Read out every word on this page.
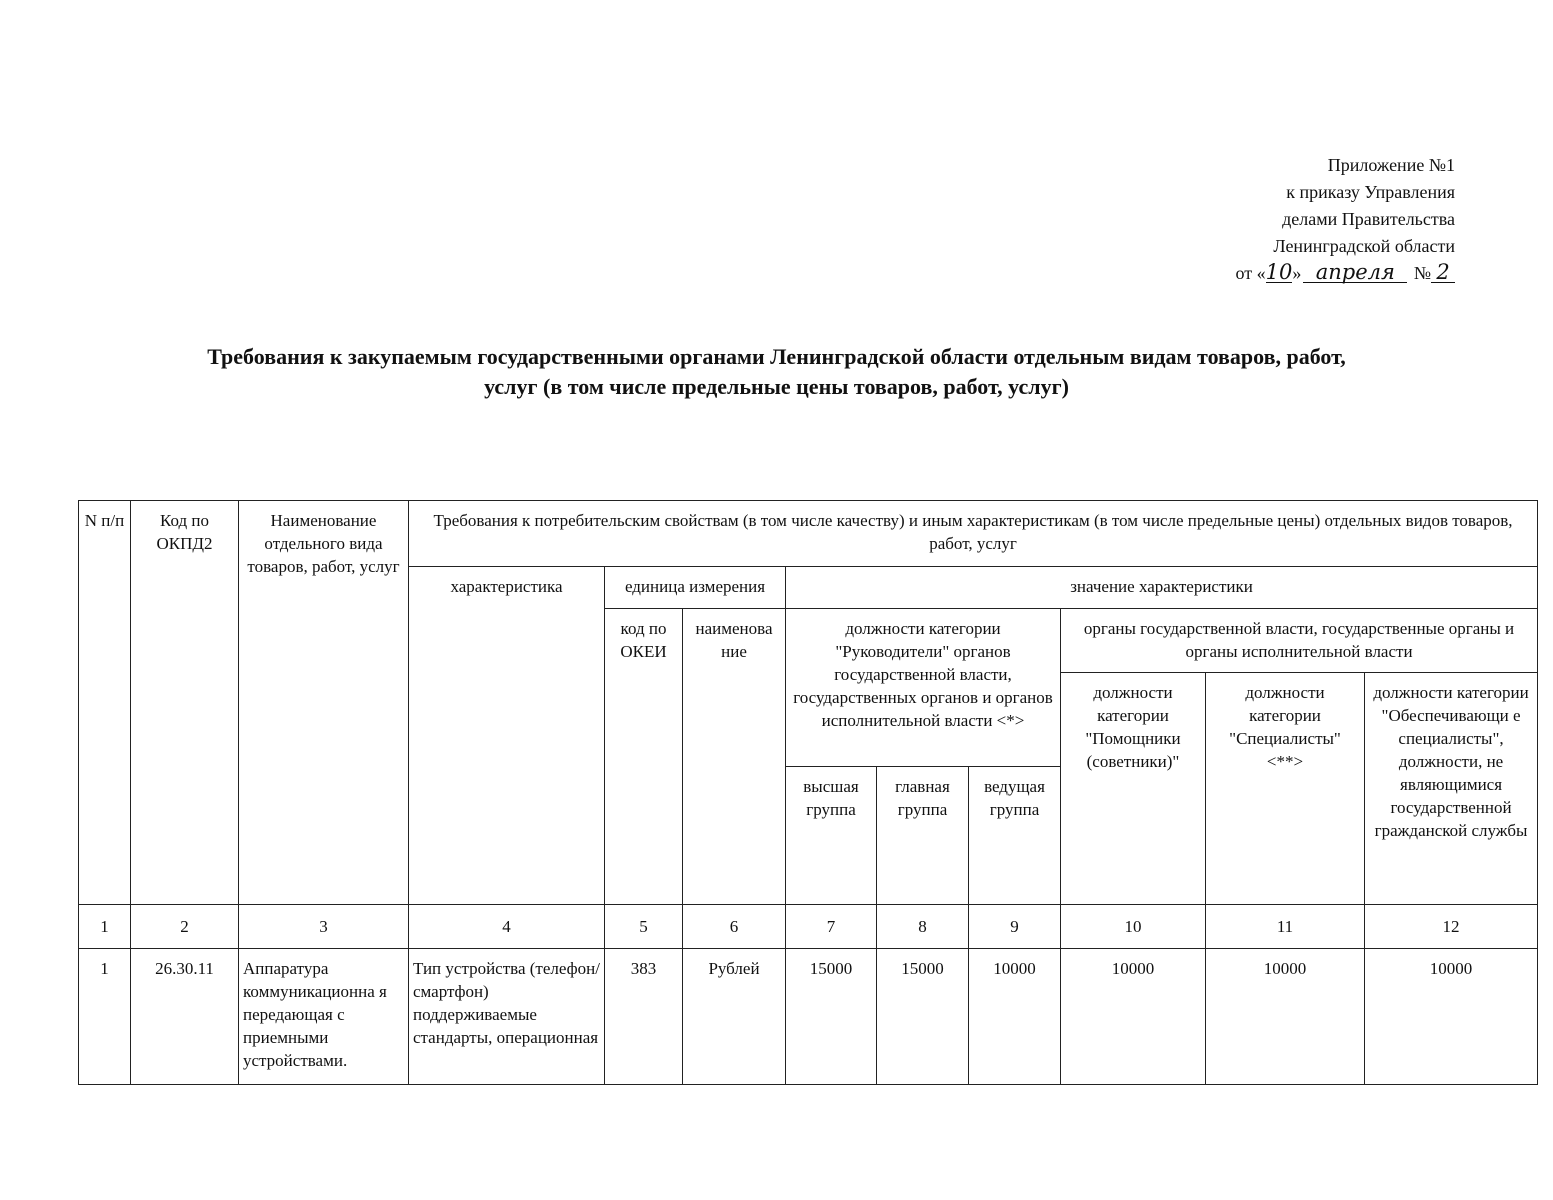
Приложение №1
к приказу Управления
делами Правительства
Ленинградской области
от «10» апреля № 2
Требования к закупаемым государственными органами Ленинградской области отдельным видам товаров, работ,
услуг (в том числе предельные цены товаров, работ, услуг)
N п/п	Код по ОКПД2	Наименование отдельного вида товаров, работ, услуг	Требования к потребительским свойствам (в том числе качеству) и иным характеристикам (в том числе предельные цены) отдельных видов товаров, работ, услуг								
			характеристика	единица измерения		значение характеристики					
				код по ОКЕИ	наименова ние	должности категории "Руководители" органов государственной власти, государственных органов и органов исполнительной власти <*>			органы государственной власти, государственные органы и органы исполнительной власти		
									должности категории "Помощники (советники)"	должности категории "Специалисты" <**>	должности категории "Обеспечивающи е специалисты", должности, не являющимися государственной гражданской службы
						высшая группа	главная группа	ведущая группа			
1	2	3	4	5	6	7	8	9	10	11	12
1	26.30.11	Аппаратура коммуникационна я передающая с приемными устройствами.	Тип устройства (телефон/смартфон) поддерживаемые стандарты, операционная	383	Рублей	15000	15000	10000	10000	10000	10000
